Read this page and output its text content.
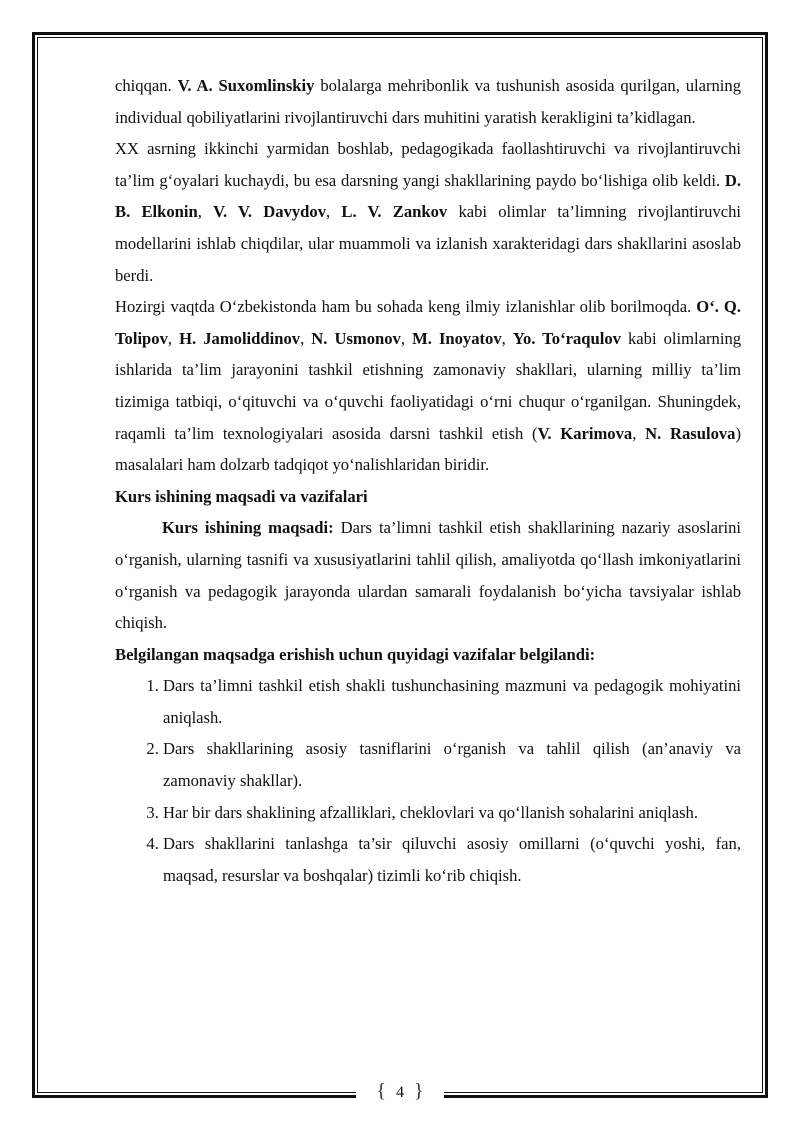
chiqqan. V. A. Suxomlinskiy bolalarga mehribonlik va tushunish asosida qurilgan, ularning individual qobiliyatlarini rivojlantiruvchi dars muhitini yaratish kerakligini ta’kidlagan.

XX asrning ikkinchi yarmidan boshlab, pedagogikada faollashtiruvchi va rivojlantiruvchi ta’lim g‘oyalari kuchaydi, bu esa darsning yangi shakllarining paydo bo‘lishiga olib keldi. D. B. Elkonin, V. V. Davydov, L. V. Zankov kabi olimlar ta’limning rivojlantiruvchi modellarini ishlab chiqdilar, ular muammoli va izlanish xarakteridagi dars shakllarini asoslab berdi.

Hozirgi vaqtda O‘zbekistonda ham bu sohada keng ilmiy izlanishlar olib borilmoqda. O‘. Q. Tolipov, H. Jamoliddinov, N. Usmonov, M. Inoyatov, Yo. To‘raqulov kabi olimlarning ishlarida ta’lim jarayonini tashkil etishning zamonaviy shakllari, ularning milliy ta’lim tizimiga tatbiqi, o‘qituvchi va o‘quvchi faoliyatidagi o‘rni chuqur o‘rganilgan. Shuningdek, raqamli ta’lim texnologiyalari asosida darsni tashkil etish (V. Karimova, N. Rasulova) masalalari ham dolzarb tadqiqot yo‘nalishlaridan biridir.

Kurs ishining maqsadi va vazifalari

Kurs ishining maqsadi: Dars ta’limni tashkil etish shakllarining nazariy asoslarini o‘rganish, ularning tasnifi va xususiyatlarini tahlil qilish, amaliyotda qo‘llash imkoniyatlarini o‘rganish va pedagogik jarayonda ulardan samarali foydalanish bo‘yicha tavsiyalar ishlab chiqish.

Belgilangan maqsadga erishish uchun quyidagi vazifalar belgilandi:

1. Dars ta’limni tashkil etish shakli tushunchasining mazmuni va pedagogik mohiyatini aniqlash.
2. Dars shakllarining asosiy tasniflarini o‘rganish va tahlil qilish (an’anaviy va zamonaviy shakllar).
3. Har bir dars shaklining afzalliklari, cheklovlari va qo‘llanish sohalarini aniqlash.
4. Dars shakllarini tanlashga ta’sir qiluvchi asosiy omillarni (o‘quvchi yoshi, fan, maqsad, resurslar va boshqalar) tizimli ko‘rib chiqish.
{ 4 }
